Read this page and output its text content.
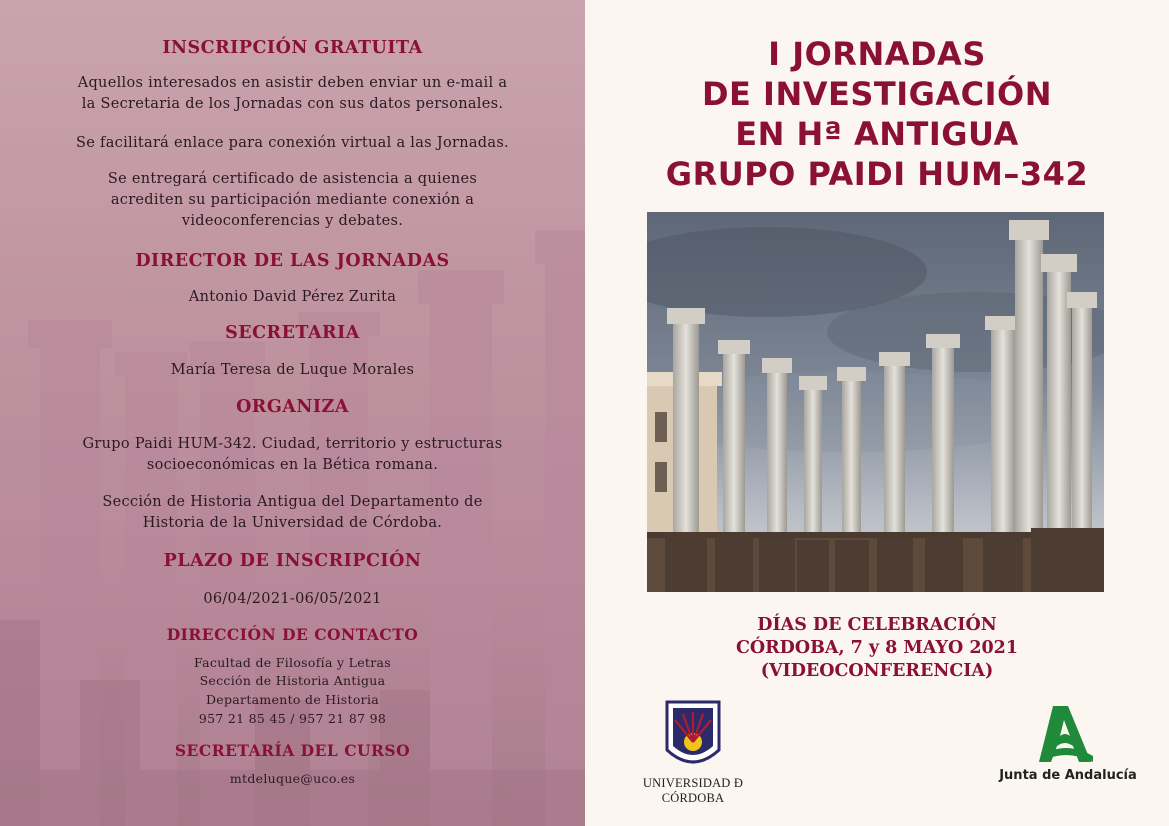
INSCRIPCIÓN GRATUITA
Aquellos interesados en asistir deben enviar un e-mail a
la Secretaria de los Jornadas con sus datos personales.
Se facilitará enlace para conexión virtual a las Jornadas.
Se entregará certificado de asistencia a quienes
acrediten su participación mediante conexión a
videoconferencias y debates.
DIRECTOR DE LAS JORNADAS
Antonio David Pérez Zurita
SECRETARIA
María Teresa de Luque Morales
ORGANIZA
Grupo Paidi HUM-342. Ciudad, territorio y estructuras
socioeconómicas en la Bética romana.
Sección de Historia Antigua del Departamento de
Historia de la Universidad de Córdoba.
PLAZO DE INSCRIPCIÓN
06/04/2021-06/05/2021
DIRECCIÓN DE CONTACTO
Facultad de Filosofía y Letras
Sección de Historia Antigua
Departamento de Historia
957 21 85 45 / 957 21 87 98
SECRETARÍA DEL CURSO
mtdeluque@uco.es
I JORNADAS
DE INVESTIGACIÓN
EN Hª ANTIGUA
GRUPO PAIDI HUM–342
DÍAS DE CELEBRACIÓN
CÓRDOBA, 7 y 8 MAYO 2021
(VIDEOCONFERENCIA)
UNIVERSIDAD Ð CÓRDOBA
Junta de Andalucía
